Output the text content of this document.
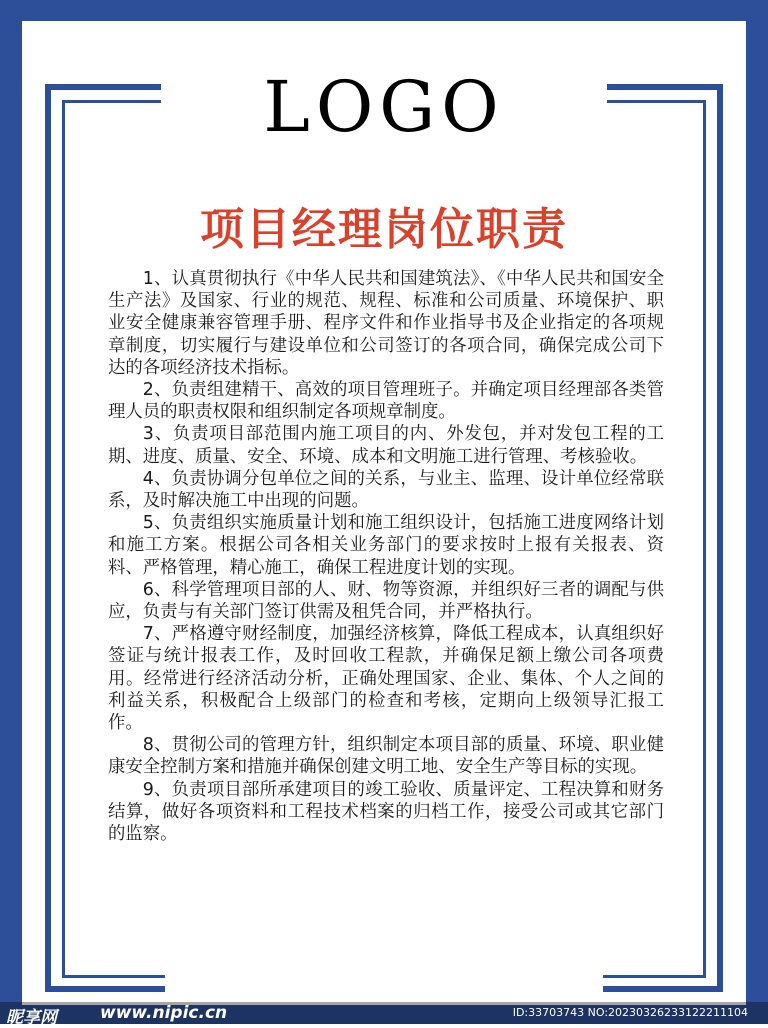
LOGO
项目经理岗位职责

1、认真贯彻执行《中华人民共和国建筑法》、《中华人民共和国安全生产法》及国家、行业的规范、规程、标准和公司质量、环境保护、职业安全健康兼容管理手册、程序文件和作业指导书及企业指定的各项规章制度，切实履行与建设单位和公司签订的各项合同，确保完成公司下达的各项经济技术指标。

2、负责组建精干、高效的项目管理班子。并确定项目经理部各类管理人员的职责权限和组织制定各项规章制度。

3、负责项目部范围内施工项目的内、外发包，并对发包工程的工期、进度、质量、安全、环境、成本和文明施工进行管理、考核验收。

4、负责协调分包单位之间的关系，与业主、监理、设计单位经常联系，及时解决施工中出现的问题。

5、负责组织实施质量计划和施工组织设计，包括施工进度网络计划和施工方案。根据公司各相关业务部门的要求按时上报有关报表、资料、严格管理，精心施工，确保工程进度计划的实现。

6、科学管理项目部的人、财、物等资源，并组织好三者的调配与供应，负责与有关部门签订供需及租凭合同，并严格执行。

7、严格遵守财经制度，加强经济核算，降低工程成本，认真组织好签证与统计报表工作，及时回收工程款，并确保足额上缴公司各项费用。经常进行经济活动分析，正确处理国家、企业、集体、个人之间的利益关系，积极配合上级部门的检查和考核，定期向上级领导汇报工作。

8、贯彻公司的管理方针，组织制定本项目部的质量、环境、职业健康安全控制方案和措施并确保创建文明工地、安全生产等目标的实现。

9、负责项目部所承建项目的竣工验收、质量评定、工程决算和财务结算，做好各项资料和工程技术档案的归档工作，接受公司或其它部门的监察。

昵享网	www.nipic.cn	ID:33703743 NO:20230326233122211104
